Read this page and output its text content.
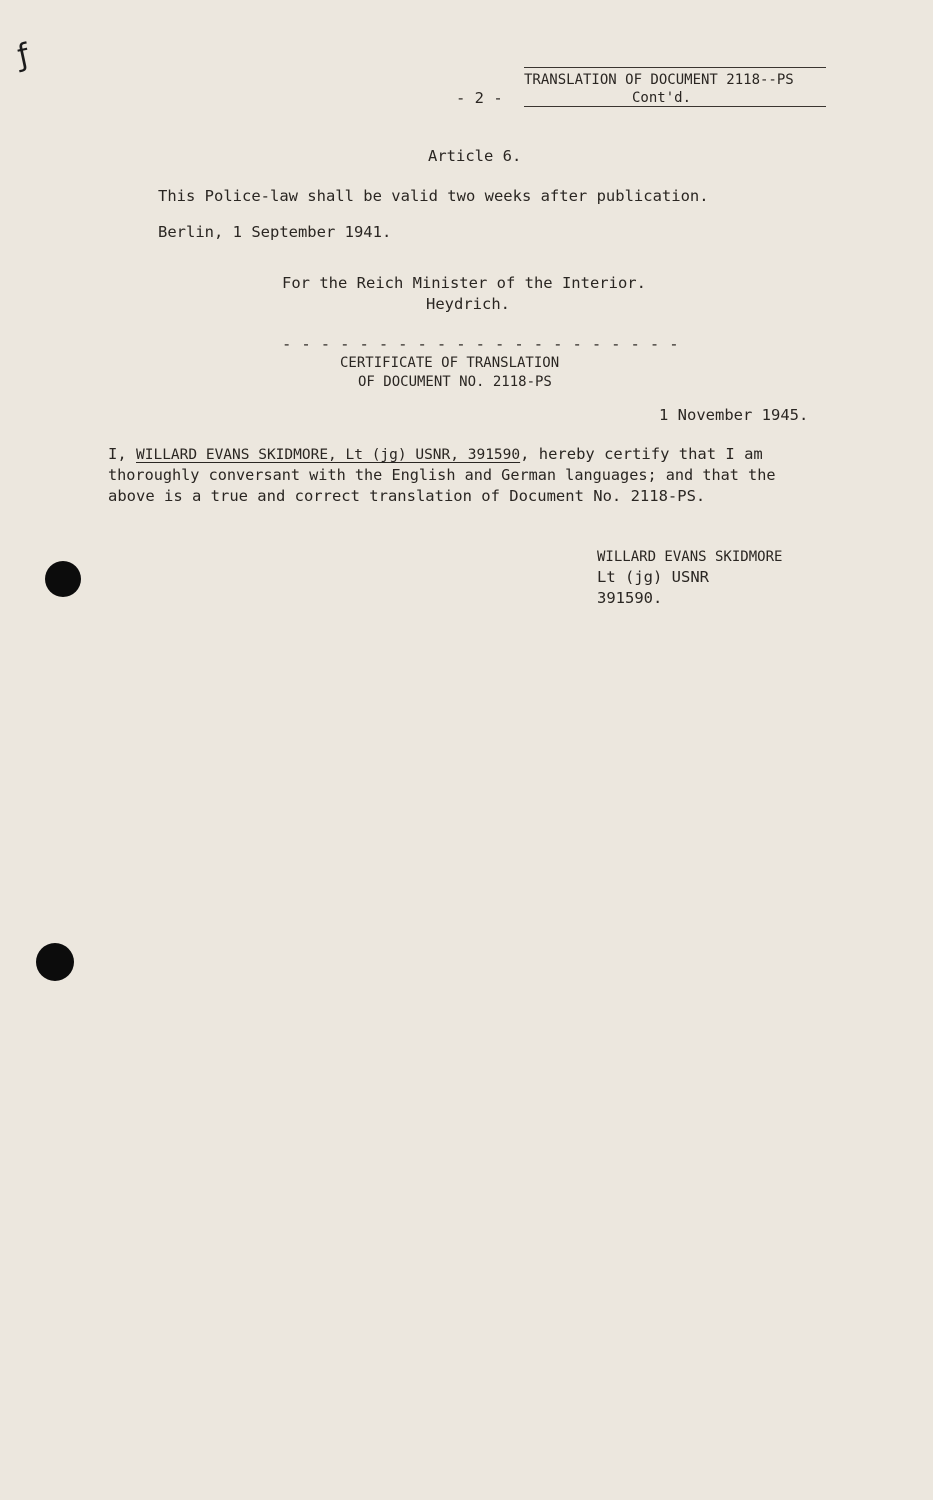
ƒ
- 2 -
TRANSLATION OF DOCUMENT 2118--PS
Cont'd.
Article 6.
This Police-law shall be valid two weeks after publication.
Berlin, 1 September 1941.
For the Reich Minister of the Interior.
Heydrich.
- - - - - - - - - - - - - - - - - - - - -
CERTIFICATE OF TRANSLATION
OF DOCUMENT NO. 2118-PS
1 November 1945.
I, WILLARD EVANS SKIDMORE, Lt (jg) USNR, 391590, hereby certify that I am
thoroughly conversant with the English and German languages; and that the
above is a true and correct translation of Document No. 2118-PS.
WILLARD EVANS SKIDMORE
Lt (jg) USNR
391590.
